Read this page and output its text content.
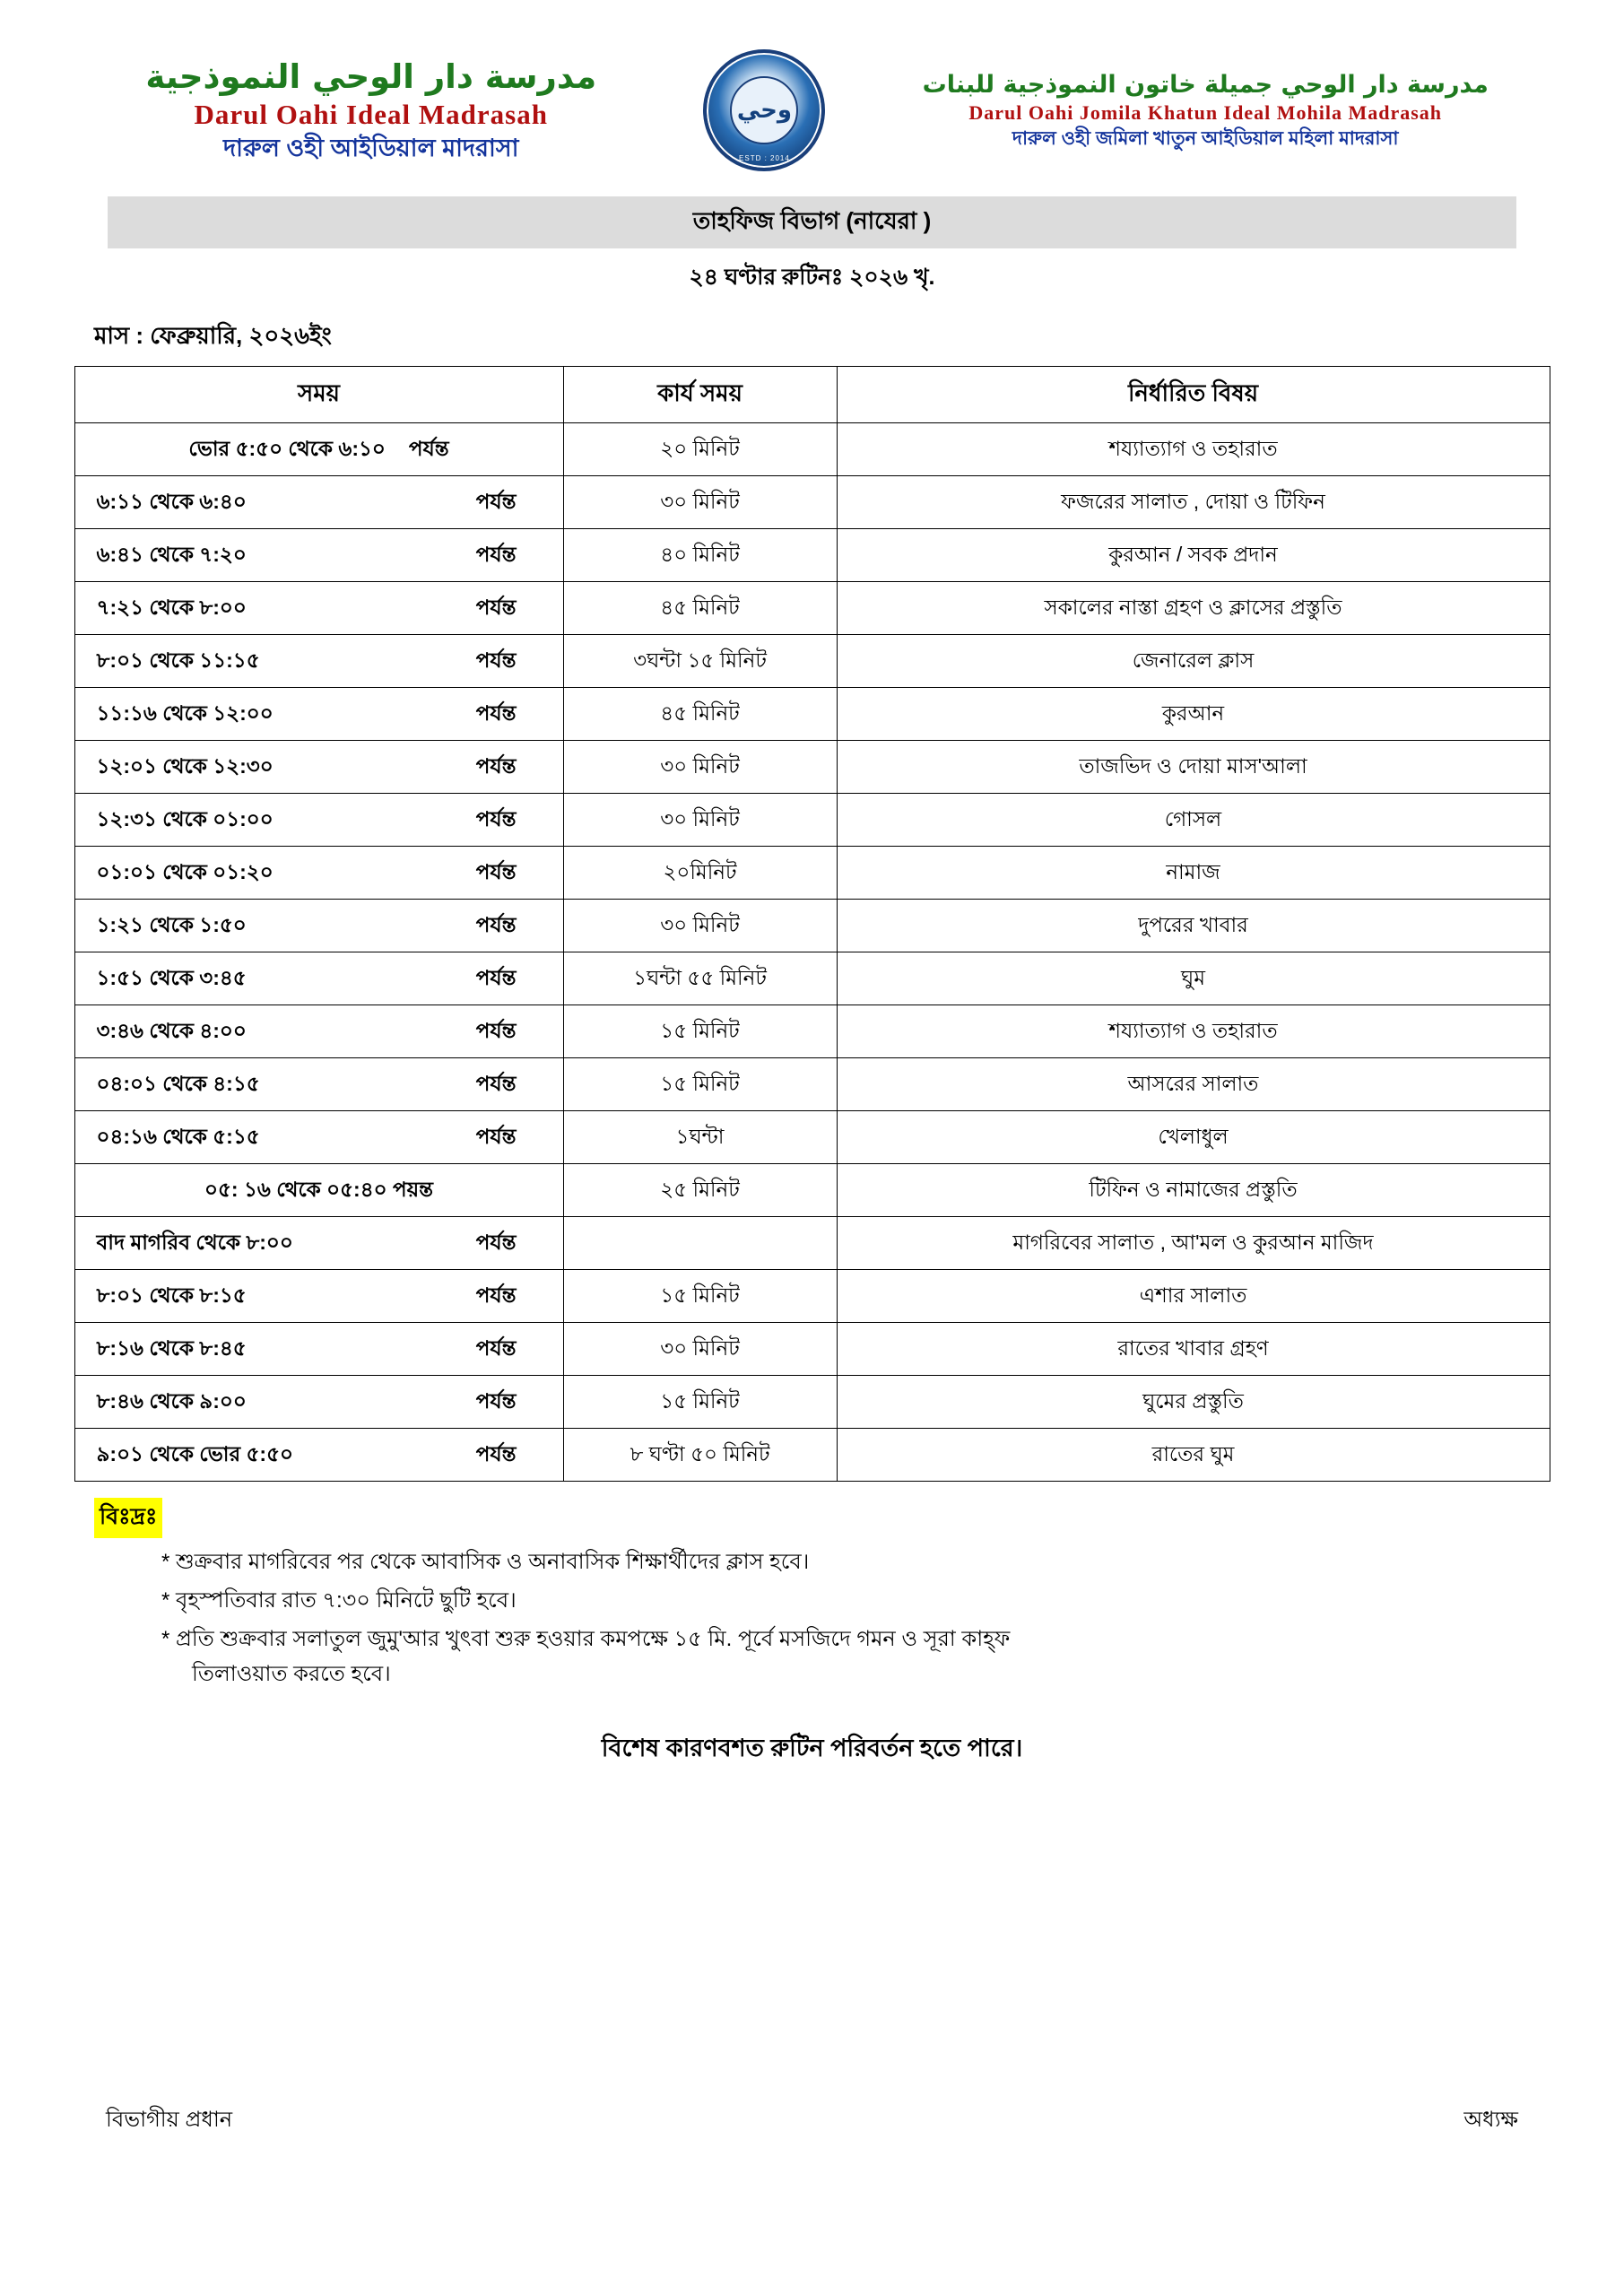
مدرسة دار الوحي النموذجية
Darul Oahi Ideal Madrasah
দারুল ওহী আইডিয়াল মাদরাসা
وحي
ESTD : 2014
مدرسة دار الوحي جميلة خاتون النموذجية للبنات
Darul Oahi Jomila Khatun Ideal Mohila Madrasah
দারুল ওহী জমিলা খাতুন আইডিয়াল মহিলা মাদরাসা
তাহফিজ বিভাগ (নাযেরা )
২৪ ঘণ্টার রুটিনঃ ২০২৬ খৃ.
মাস : ফেব্রুয়ারি, ২০২৬ইং
সময়	কার্য সময়	নির্ধারিত বিষয়

ভোর ৫:৫০ থেকে ৬:১০ পর্যন্ত	২০ মিনিট	শয্যাত্যাগ ও তহারাত

৬:১১ থেকে ৬:৪০ পর্যন্ত	৩০ মিনিট	ফজরের সালাত , দোয়া ও টিফিন

৬:৪১ থেকে ৭:২০ পর্যন্ত	৪০ মিনিট	কুরআন / সবক প্রদান

৭:২১ থেকে ৮:০০ পর্যন্ত	৪৫ মিনিট	সকালের নাস্তা গ্রহণ ও ক্লাসের প্রস্তুতি

৮:০১ থেকে ১১:১৫ পর্যন্ত	৩ঘন্টা ১৫ মিনিট	জেনারেল ক্লাস

১১:১৬ থেকে ১২:০০ পর্যন্ত	৪৫ মিনিট	কুরআন

১২:০১ থেকে ১২:৩০ পর্যন্ত	৩০ মিনিট	তাজভিদ ও দোয়া মাস'আলা

১২:৩১ থেকে ০১:০০ পর্যন্ত	৩০ মিনিট	গোসল

০১:০১ থেকে ০১:২০ পর্যন্ত	২০মিনিট	নামাজ

১:২১ থেকে ১:৫০ পর্যন্ত	৩০ মিনিট	দুপরের খাবার

১:৫১ থেকে ৩:৪৫ পর্যন্ত	১ঘন্টা ৫৫ মিনিট	ঘুম

৩:৪৬ থেকে ৪:০০ পর্যন্ত	১৫ মিনিট	শয্যাত্যাগ ও তহারাত

০৪:০১ থেকে ৪:১৫ পর্যন্ত	১৫ মিনিট	আসরের সালাত

০৪:১৬ থেকে ৫:১৫ পর্যন্ত	১ঘন্টা	খেলাধুল

০৫: ১৬ থেকে ০৫:৪০ পয়ন্ত	২৫ মিনিট	টিফিন ও নামাজের প্রস্তুতি

বাদ মাগরিব থেকে ৮:০০ পর্যন্ত		মাগরিবের সালাত , আ'মল ও কুরআন মাজিদ

৮:০১ থেকে ৮:১৫ পর্যন্ত	১৫ মিনিট	এশার সালাত

৮:১৬ থেকে ৮:৪৫ পর্যন্ত	৩০ মিনিট	রাতের খাবার গ্রহণ

৮:৪৬ থেকে ৯:০০ পর্যন্ত	১৫ মিনিট	ঘুমের প্রস্তুতি

৯:০১ থেকে ভোর ৫:৫০ পর্যন্ত	৮ ঘণ্টা ৫০ মিনিট	রাতের ঘুম
বিঃদ্রঃ
* শুক্রবার মাগরিবের পর থেকে আবাসিক ও অনাবাসিক শিক্ষার্থীদের ক্লাস হবে।
* বৃহস্পতিবার রাত ৭:৩০ মিনিটে ছুটি হবে।
* প্রতি শুক্রবার সলাতুল জুমু'আর খুৎবা শুরু হওয়ার কমপক্ষে ১৫ মি. পূর্বে মসজিদে গমন ও সূরা কাহ্ফ
তিলাওয়াত করতে হবে।
বিশেষ কারণবশত রুটিন পরিবর্তন হতে পারে।
বিভাগীয় প্রধান	অধ্যক্ষ
